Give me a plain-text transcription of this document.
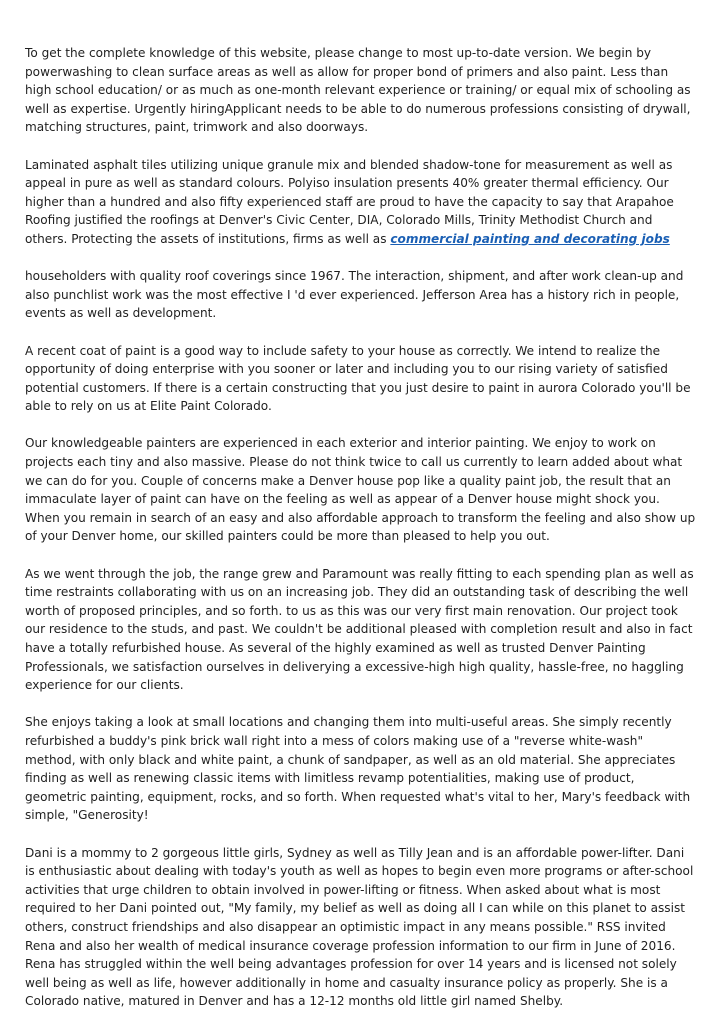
To get the complete knowledge of this website, please change to most up-to-date version. We begin by powerwashing to clean surface areas as well as allow for proper bond of primers and also paint. Less than high school education/ or as much as one-month relevant experience or training/ or equal mix of schooling as well as expertise. Urgently hiringApplicant needs to be able to do numerous professions consisting of drywall, matching structures, paint, trimwork and also doorways.

Laminated asphalt tiles utilizing unique granule mix and blended shadow-tone for measurement as well as appeal in pure as well as standard colours. Polyiso insulation presents 40% greater thermal efficiency. Our higher than a hundred and also fifty experienced staff are proud to have the capacity to say that Arapahoe Roofing justified the roofings at Denver's Civic Center, DIA, Colorado Mills, Trinity Methodist Church and others. Protecting the assets of institutions, firms as well as commercial painting and decorating jobs

householders with quality roof coverings since 1967. The interaction, shipment, and after work clean-up and also punchlist work was the most effective I 'd ever experienced. Jefferson Area has a history rich in people, events as well as development.

A recent coat of paint is a good way to include safety to your house as correctly. We intend to realize the opportunity of doing enterprise with you sooner or later and including you to our rising variety of satisfied potential customers. If there is a certain constructing that you just desire to paint in aurora Colorado you'll be able to rely on us at Elite Paint Colorado.

Our knowledgeable painters are experienced in each exterior and interior painting. We enjoy to work on projects each tiny and also massive. Please do not think twice to call us currently to learn added about what we can do for you. Couple of concerns make a Denver house pop like a quality paint job, the result that an immaculate layer of paint can have on the feeling as well as appear of a Denver house might shock you. When you remain in search of an easy and also affordable approach to transform the feeling and also show up of your Denver home, our skilled painters could be more than pleased to help you out.

As we went through the job, the range grew and Paramount was really fitting to each spending plan as well as time restraints collaborating with us on an increasing job. They did an outstanding task of describing the well worth of proposed principles, and so forth. to us as this was our very first main renovation. Our project took our residence to the studs, and past. We couldn't be additional pleased with completion result and also in fact have a totally refurbished house. As several of the highly examined as well as trusted Denver Painting Professionals, we satisfaction ourselves in deliverying a excessive-high high quality, hassle-free, no haggling experience for our clients.

She enjoys taking a look at small locations and changing them into multi-useful areas. She simply recently refurbished a buddy's pink brick wall right into a mess of colors making use of a "reverse white-wash" method, with only black and white paint, a chunk of sandpaper, as well as an old material. She appreciates finding as well as renewing classic items with limitless revamp potentialities, making use of product, geometric painting, equipment, rocks, and so forth. When requested what's vital to her, Mary's feedback with simple, "Generosity!

Dani is a mommy to 2 gorgeous little girls, Sydney as well as Tilly Jean and is an affordable power-lifter. Dani is enthusiastic about dealing with today's youth as well as hopes to begin even more programs or after-school activities that urge children to obtain involved in power-lifting or fitness. When asked about what is most required to her Dani pointed out, "My family, my belief as well as doing all I can while on this planet to assist others, construct friendships and also disappear an optimistic impact in any means possible." RSS invited Rena and also her wealth of medical insurance coverage profession information to our firm in June of 2016. Rena has struggled within the well being advantages profession for over 14 years and is licensed not solely well being as well as life, however additionally in home and casualty insurance policy as properly. She is a Colorado native, matured in Denver and has a 12-12 months old little girl named Shelby.
